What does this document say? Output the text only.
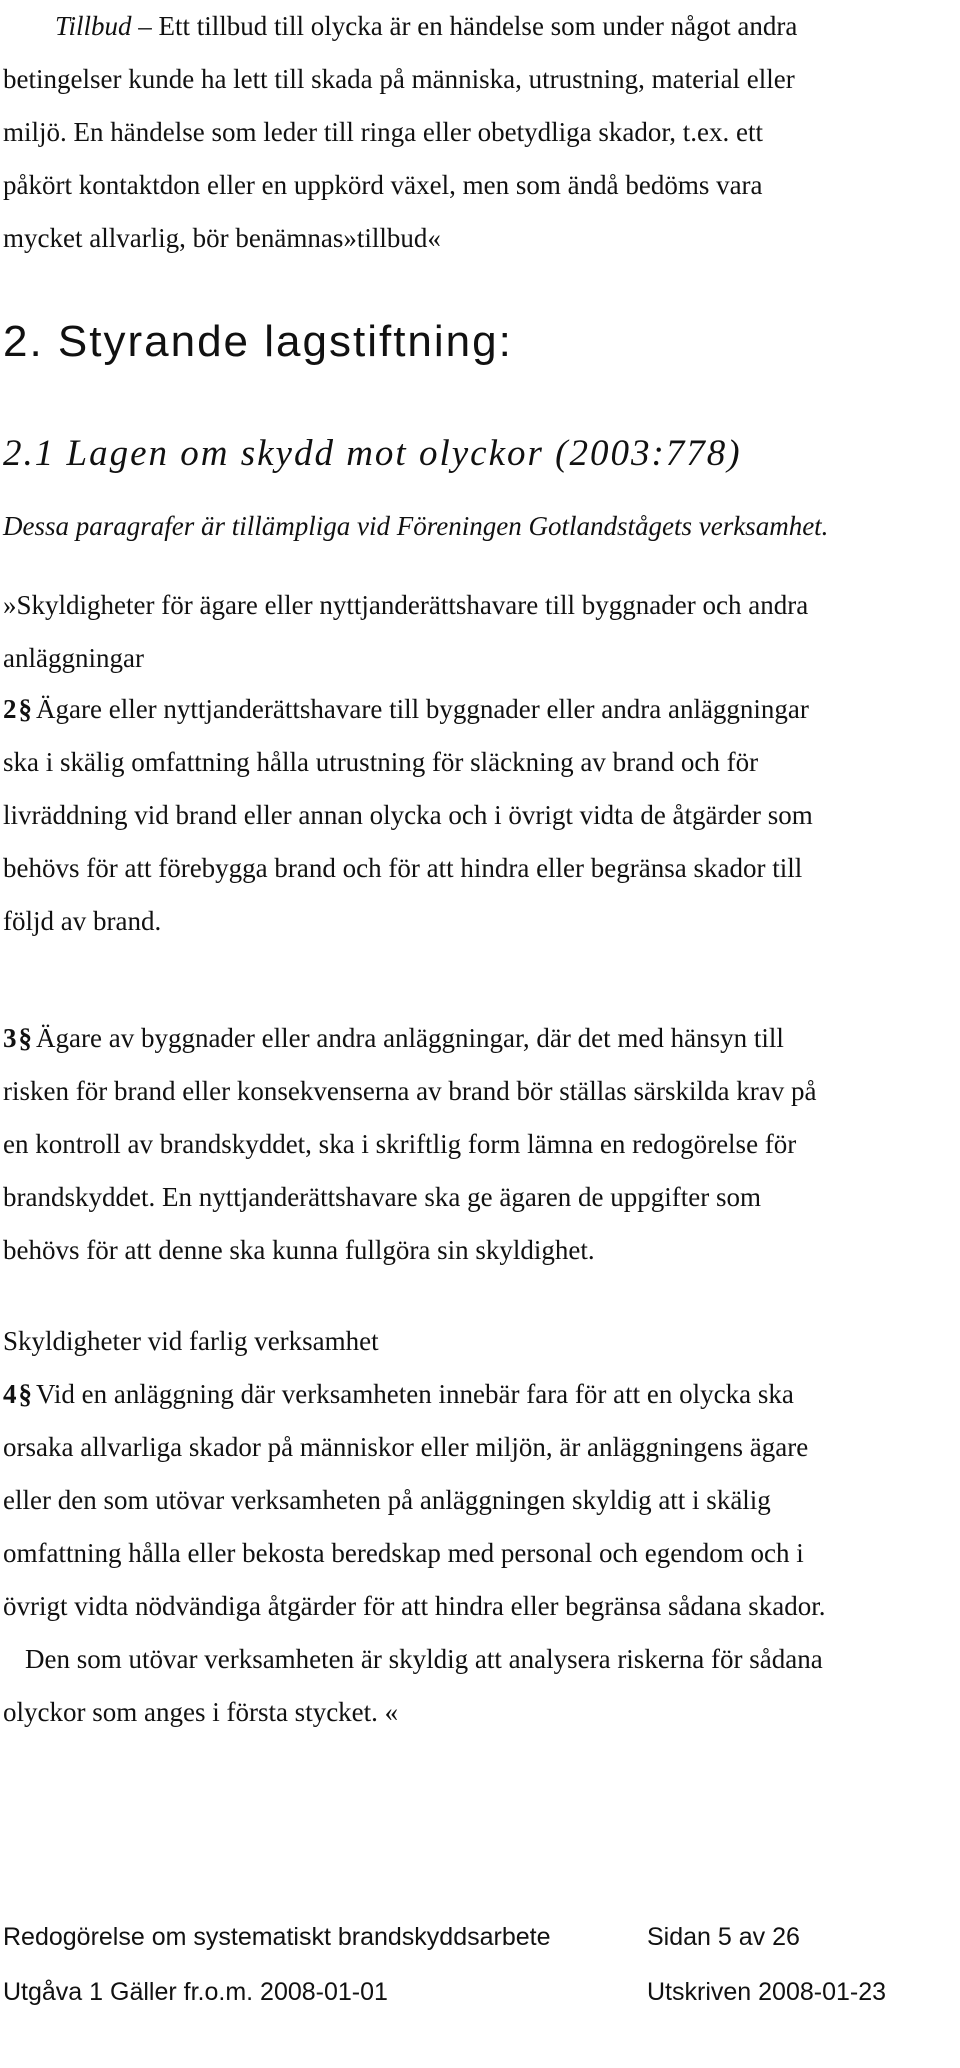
Tillbud – Ett tillbud till olycka är en händelse som under något andra
betingelser kunde ha lett till skada på människa, utrustning, material eller
miljö. En händelse som leder till ringa eller obetydliga skador, t.ex. ett
påkört kontaktdon eller en uppkörd växel, men som ändå bedöms vara
mycket allvarlig, bör benämnas»tillbud«

2. Styrande lagstiftning:
2.1 Lagen om skydd mot olyckor (2003:778)

Dessa paragrafer är tillämpliga vid Föreningen Gotlandstågets verksamhet.

»Skyldigheter för ägare eller nyttjanderättshavare till byggnader och andra
anläggningar

2§ Ägare eller nyttjanderättshavare till byggnader eller andra anläggningar
ska i skälig omfattning hålla utrustning för släckning av brand och för
livräddning vid brand eller annan olycka och i övrigt vidta de åtgärder som
behövs för att förebygga brand och för att hindra eller begränsa skador till
följd av brand.

3§ Ägare av byggnader eller andra anläggningar, där det med hänsyn till
risken för brand eller konsekvenserna av brand bör ställas särskilda krav på
en kontroll av brandskyddet, ska i skriftlig form lämna en redogörelse för
brandskyddet. En nyttjanderättshavare ska ge ägaren de uppgifter som
behövs för att denne ska kunna fullgöra sin skyldighet.

Skyldigheter vid farlig verksamhet

4§ Vid en anläggning där verksamheten innebär fara för att en olycka ska
orsaka allvarliga skador på människor eller miljön, är anläggningens ägare
eller den som utövar verksamheten på anläggningen skyldig att i skälig
omfattning hålla eller bekosta beredskap med personal och egendom och i
övrigt vidta nödvändiga åtgärder för att hindra eller begränsa sådana skador.
Den som utövar verksamheten är skyldig att analysera riskerna för sådana
olyckor som anges i första stycket. «

Redogörelse om systematiskt brandskyddsarbete	Sidan 5 av 26

Utgåva 1 Gäller fr.o.m. 2008-01-01	Utskriven 2008-01-23
